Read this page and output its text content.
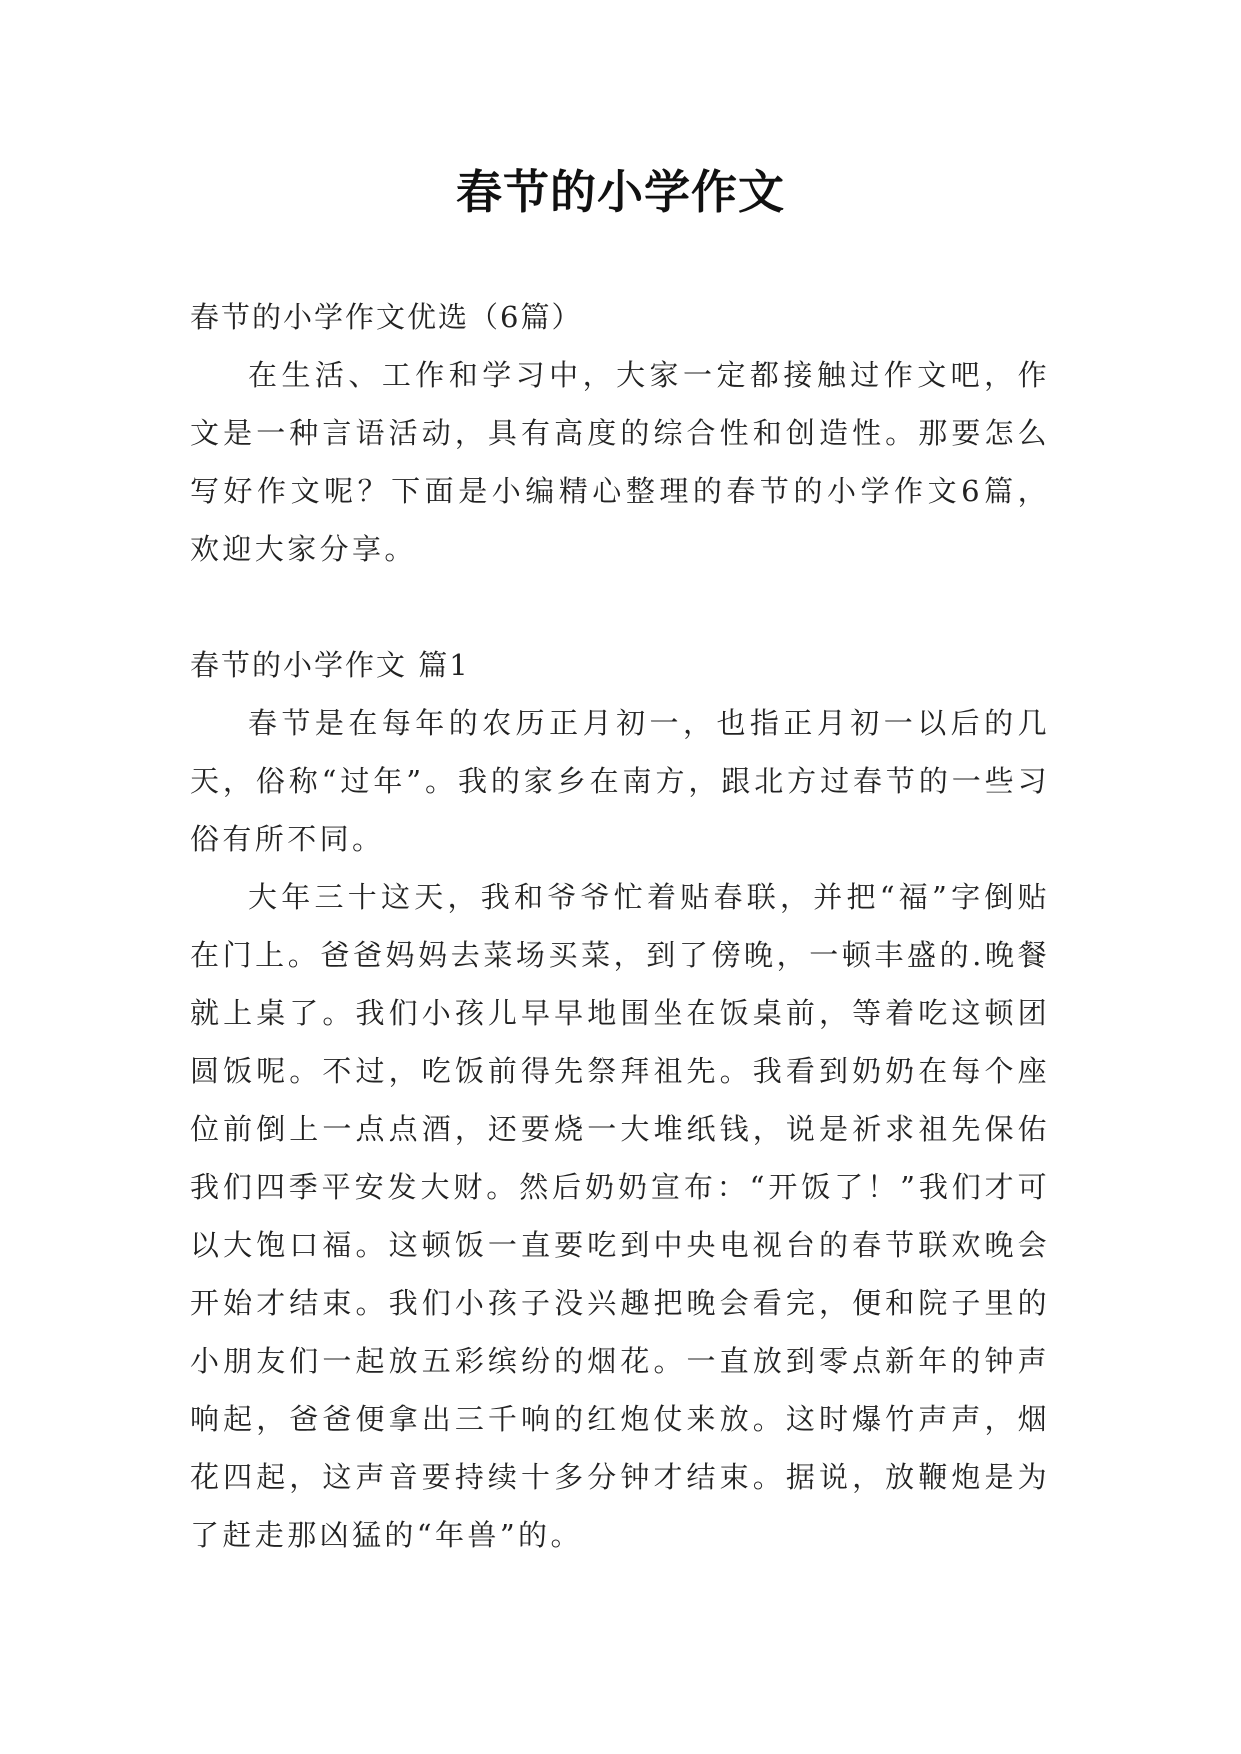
春节的小学作文

春节的小学作文优选（6篇）

在生活、工作和学习中，大家一定都接触过作文吧，作文是一种言语活动，具有高度的综合性和创造性。那要怎么写好作文呢？下面是小编精心整理的春节的小学作文6篇，欢迎大家分享。

春节的小学作文 篇1

春节是在每年的农历正月初一，也指正月初一以后的几天，俗称“过年”。我的家乡在南方，跟北方过春节的一些习俗有所不同。

大年三十这天，我和爷爷忙着贴春联，并把“福”字倒贴在门上。爸爸妈妈去菜场买菜，到了傍晚，一顿丰盛的.晚餐就上桌了。我们小孩儿早早地围坐在饭桌前，等着吃这顿团圆饭呢。不过，吃饭前得先祭拜祖先。我看到奶奶在每个座位前倒上一点点酒，还要烧一大堆纸钱，说是祈求祖先保佑我们四季平安发大财。然后奶奶宣布：“开饭了！”我们才可以大饱口福。这顿饭一直要吃到中央电视台的春节联欢晚会开始才结束。我们小孩子没兴趣把晚会看完，便和院子里的小朋友们一起放五彩缤纷的烟花。一直放到零点新年的钟声响起，爸爸便拿出三千响的红炮仗来放。这时爆竹声声，烟花四起，这声音要持续十多分钟才结束。据说，放鞭炮是为了赶走那凶猛的“年兽”的。
